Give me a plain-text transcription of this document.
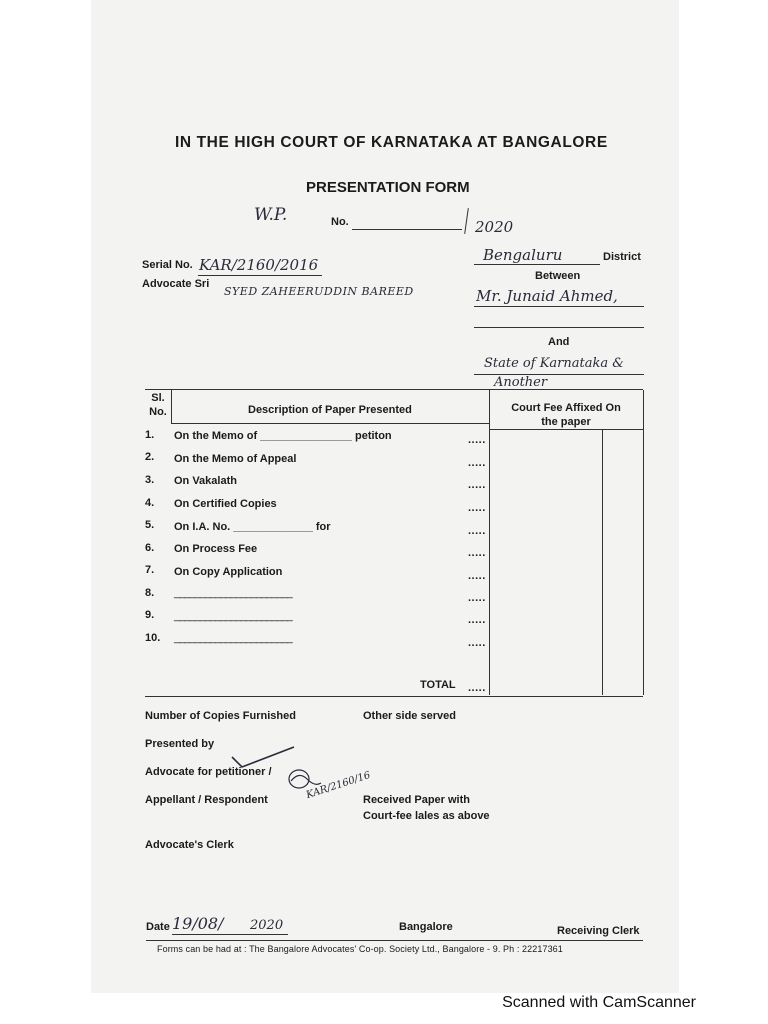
IN THE HIGH COURT OF KARNATAKA AT BANGALORE
PRESENTATION FORM
W.P.	No.	2020
Serial No. KAR/2160/2016
Advocate Sri
SYED ZAHEERUDDIN BAREED
Bengaluru	District
Between
Mr. Junaid Ahmed,
And
State of Karnataka &
Another
Sl. No.	Description of Paper Presented	Court Fee Affixed On the paper
1. On the Memo of _______________ petiton	.....
2. On the Memo of Appeal	.....
3. On Vakalath	.....
4. On Certified Copies	.....
5. On I.A. No. _____________ for	.....
6. On Process Fee	.....
7. On Copy Application	.....
8. _______________________	.....
9. _______________________	.....
10. _______________________	.....
TOTAL .....
Number of Copies Furnished	Other side served
Presented by
Advocate for petitioner /
Appellant / Respondent	Received Paper with
Court-fee lales as above
KAR/2160/16
Advocate's Clerk
Date 19/08/ 2020	Bangalore	Receiving Clerk
Forms can be had at : The Bangalore Advocates' Co-op. Society Ltd., Bangalore - 9. Ph : 22217361
Scanned with CamScanner
